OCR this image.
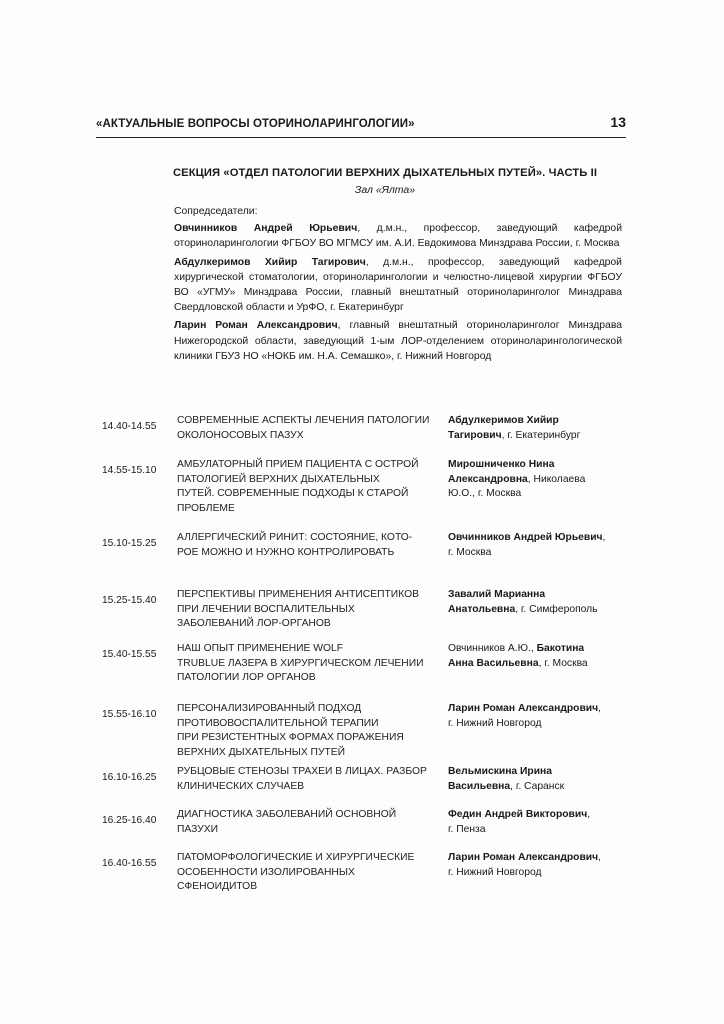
«АКТУАЛЬНЫЕ ВОПРОСЫ ОТОРИНОЛАРИНГОЛОГИИ»	13
СЕКЦИЯ «ОТДЕЛ ПАТОЛОГИИ ВЕРХНИХ ДЫХАТЕЛЬНЫХ ПУТЕЙ». ЧАСТЬ II
Зал «Ялта»
Сопредседатели:
Овчинников Андрей Юрьевич, д.м.н., профессор, заведующий кафедрой оториноларингологии ФГБОУ ВО МГМСУ им. А.И. Евдокимова Минздрава России, г. Москва
Абдулкеримов Хийир Тагирович, д.м.н., профессор, заведующий кафедрой хирургической стоматологии, оториноларингологии и челюстно-лицевой хирургии ФГБОУ ВО «УГМУ» Минздрава России, главный внештатный оториноларинголог Минздрава Свердловской области и УрФО, г. Екатеринбург
Ларин Роман Александрович, главный внештатный оториноларинголог Минздрава Нижегородской области, заведующий 1-ым ЛОР-отделением оториноларингологической клиники ГБУЗ НО «НОКБ им. Н.А. Семашко», г. Нижний Новгород
14.40-14.55
СОВРЕМЕННЫЕ АСПЕКТЫ ЛЕЧЕНИЯ ПАТОЛОГИИ
ОКОЛОНОСОВЫХ ПАЗУХ
Абдулкеримов Хийир
Тагирович, г. Екатеринбург
14.55-15.10
АМБУЛАТОРНЫЙ ПРИЕМ ПАЦИЕНТА С ОСТРОЙ
ПАТОЛОГИЕЙ ВЕРХНИХ ДЫХАТЕЛЬНЫХ
ПУТЕЙ. СОВРЕМЕННЫЕ ПОДХОДЫ К СТАРОЙ
ПРОБЛЕМЕ
Мирошниченко Нина
Александровна, Николаева
Ю.О., г. Москва
15.10-15.25
АЛЛЕРГИЧЕСКИЙ РИНИТ: СОСТОЯНИЕ, КОТО-
РОЕ МОЖНО И НУЖНО КОНТРОЛИРОВАТЬ
Овчинников Андрей Юрьевич,
г. Москва
15.25-15.40
ПЕРСПЕКТИВЫ ПРИМЕНЕНИЯ АНТИСЕПТИКОВ
ПРИ ЛЕЧЕНИИ ВОСПАЛИТЕЛЬНЫХ
ЗАБОЛЕВАНИЙ ЛОР-ОРГАНОВ
Завалий Марианна
Анатольевна, г. Симферополь
15.40-15.55
НАШ ОПЫТ ПРИМЕНЕНИЕ WOLF
TRUBLUE ЛАЗЕРА В ХИРУРГИЧЕСКОМ ЛЕЧЕНИИ
ПАТОЛОГИИ ЛОР ОРГАНОВ
Овчинников А.Ю., Бакотина
Анна Васильевна, г. Москва
15.55-16.10
ПЕРСОНАЛИЗИРОВАННЫЙ ПОДХОД
ПРОТИВОВОСПАЛИТЕЛЬНОЙ ТЕРАПИИ
ПРИ РЕЗИСТЕНТНЫХ ФОРМАХ ПОРАЖЕНИЯ
ВЕРХНИХ ДЫХАТЕЛЬНЫХ ПУТЕЙ
Ларин Роман Александрович,
г. Нижний Новгород
16.10-16.25
РУБЦОВЫЕ СТЕНОЗЫ ТРАХЕИ В ЛИЦАХ. РАЗБОР
КЛИНИЧЕСКИХ СЛУЧАЕВ
Вельмискина Ирина
Васильевна, г. Саранск
16.25-16.40
ДИАГНОСТИКА ЗАБОЛЕВАНИЙ ОСНОВНОЙ
ПАЗУХИ
Федин Андрей Викторович,
г. Пенза
16.40-16.55
ПАТОМОРФОЛОГИЧЕСКИЕ И ХИРУРГИЧЕСКИЕ
ОСОБЕННОСТИ ИЗОЛИРОВАННЫХ
СФЕНОИДИТОВ
Ларин Роман Александрович,
г. Нижний Новгород
